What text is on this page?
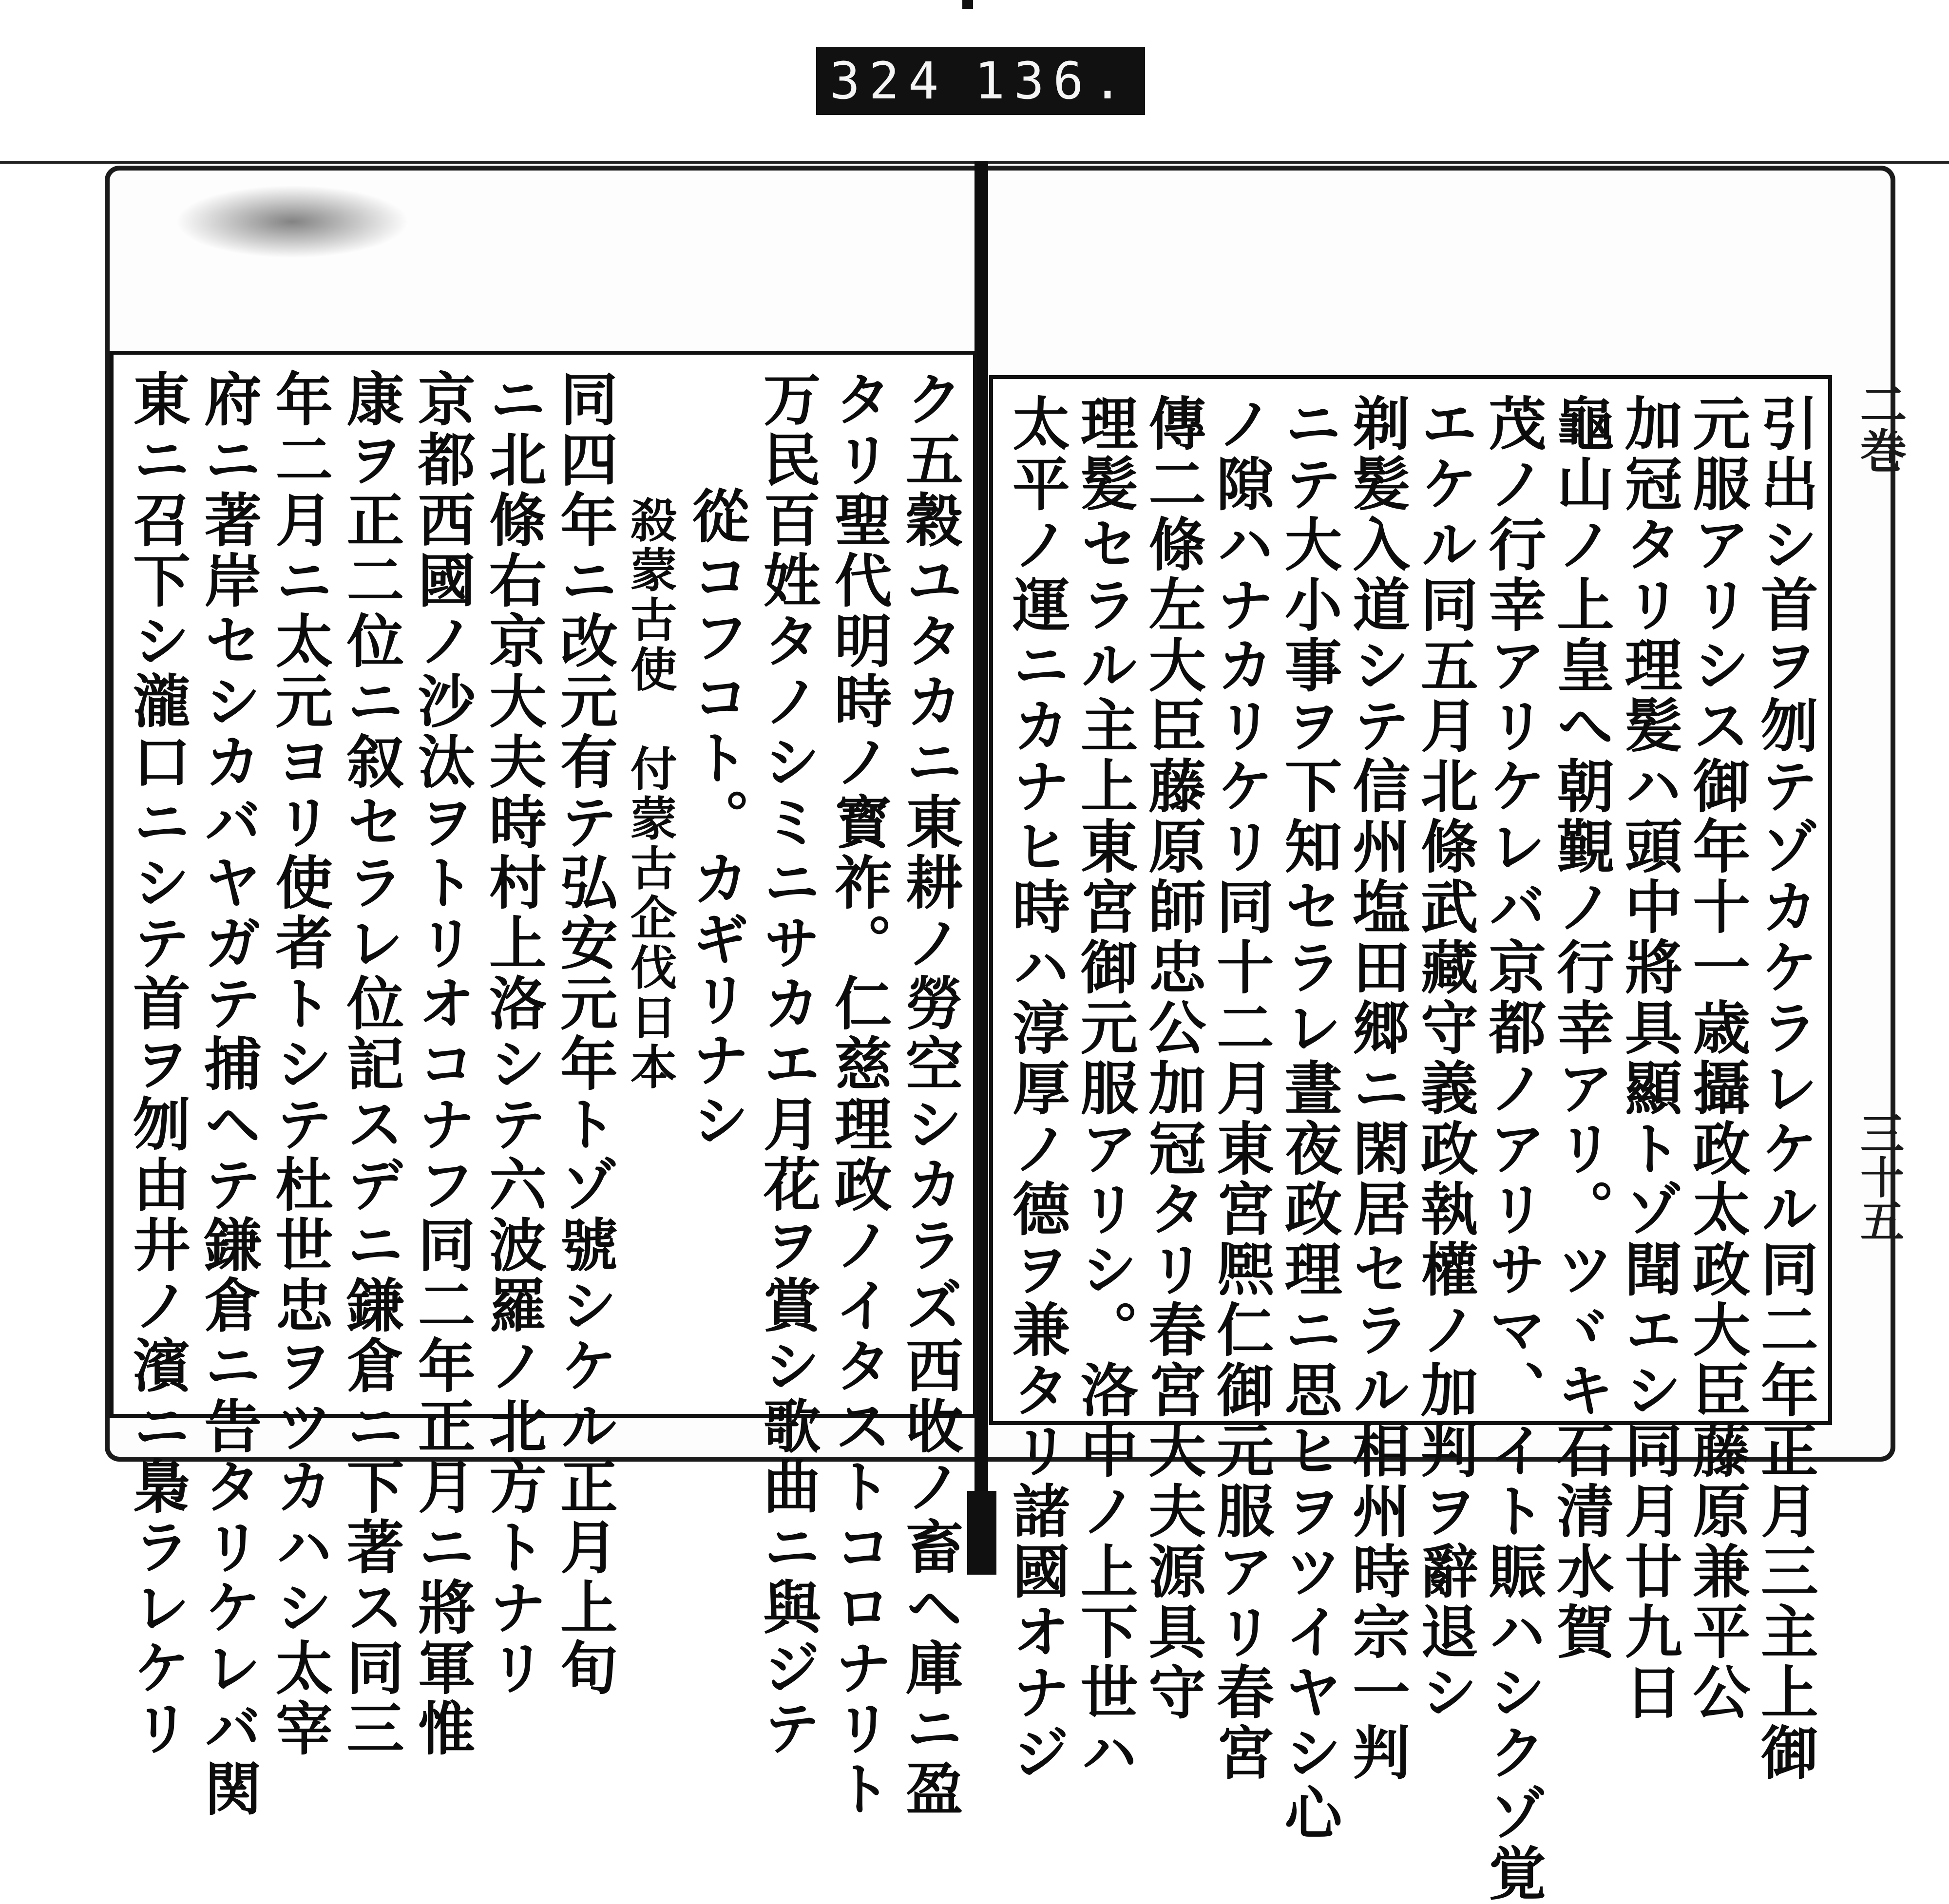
324 136.
引出シ首ヲ刎テゾカケラレケル同二年正月三主上御
元服アリシス御年十一歳攝政太政大臣藤原兼平公
加冠タリ理髪ハ頭中將具顯トゾ聞エシ同月廿九日
龜山ノ上皇へ朝覲ノ行幸アリ。ツヾキ石清水賀
茂ノ行幸アリケレバ京都ノアリサマ、イト賑ハシクゾ覚
エケル同五月北條武藏守義政執權ノ加判ヲ辭退シ
剃髪入道シテ信州塩田郷ニ閑居セラル相州時宗一判
ニテ大小事ヲ下知セラレ晝夜政理ニ思ヒヲツイヤシ心
ノ隙ハナカリケリ同十二月東宮熈仁御元服アリ春宮
傳二條左大臣藤原師忠公加冠タリ春宮大夫源具守
理髪セラル主上東宮御元服アリシ。洛中ノ上下世ハ
太平ノ運ニカナヒ時ハ淳厚ノ德ヲ兼タリ諸國オナジ	二巻
ク五穀ユタカニ東耕ノ勞空シカラズ西收ノ畜ヘ庫ニ盈
タリ聖代明時ノ寳祚。仁慈理政ノイタストコロナリト
万民百姓タノシミニサカエ月花ヲ賞シ歌曲ニ與ジテ
從コフコト。カギリナシ
殺蒙古使　付蒙古企伐日本
同四年ニ改元有テ弘安元年トゾ號シケル正月上旬
ニ北條右京大夫時村上洛シテ六波羅ノ北方トナリ
京都西國ノ沙汰ヲトリオコナフ同二年正月ニ將軍惟
康ヲ正二位ニ叙セラレ位記スデニ鎌倉ニ下著ス同三
年二月ニ太元ヨリ使者トシテ杜世忠ヲツカハシ太宰
府ニ著岸セシカバヤガテ捕ヘテ鎌倉ニ告タリケレバ関
東ニ召下シ瀧口ニシテ首ヲ刎由井ノ濱ニ梟ラレケリ	三十五
